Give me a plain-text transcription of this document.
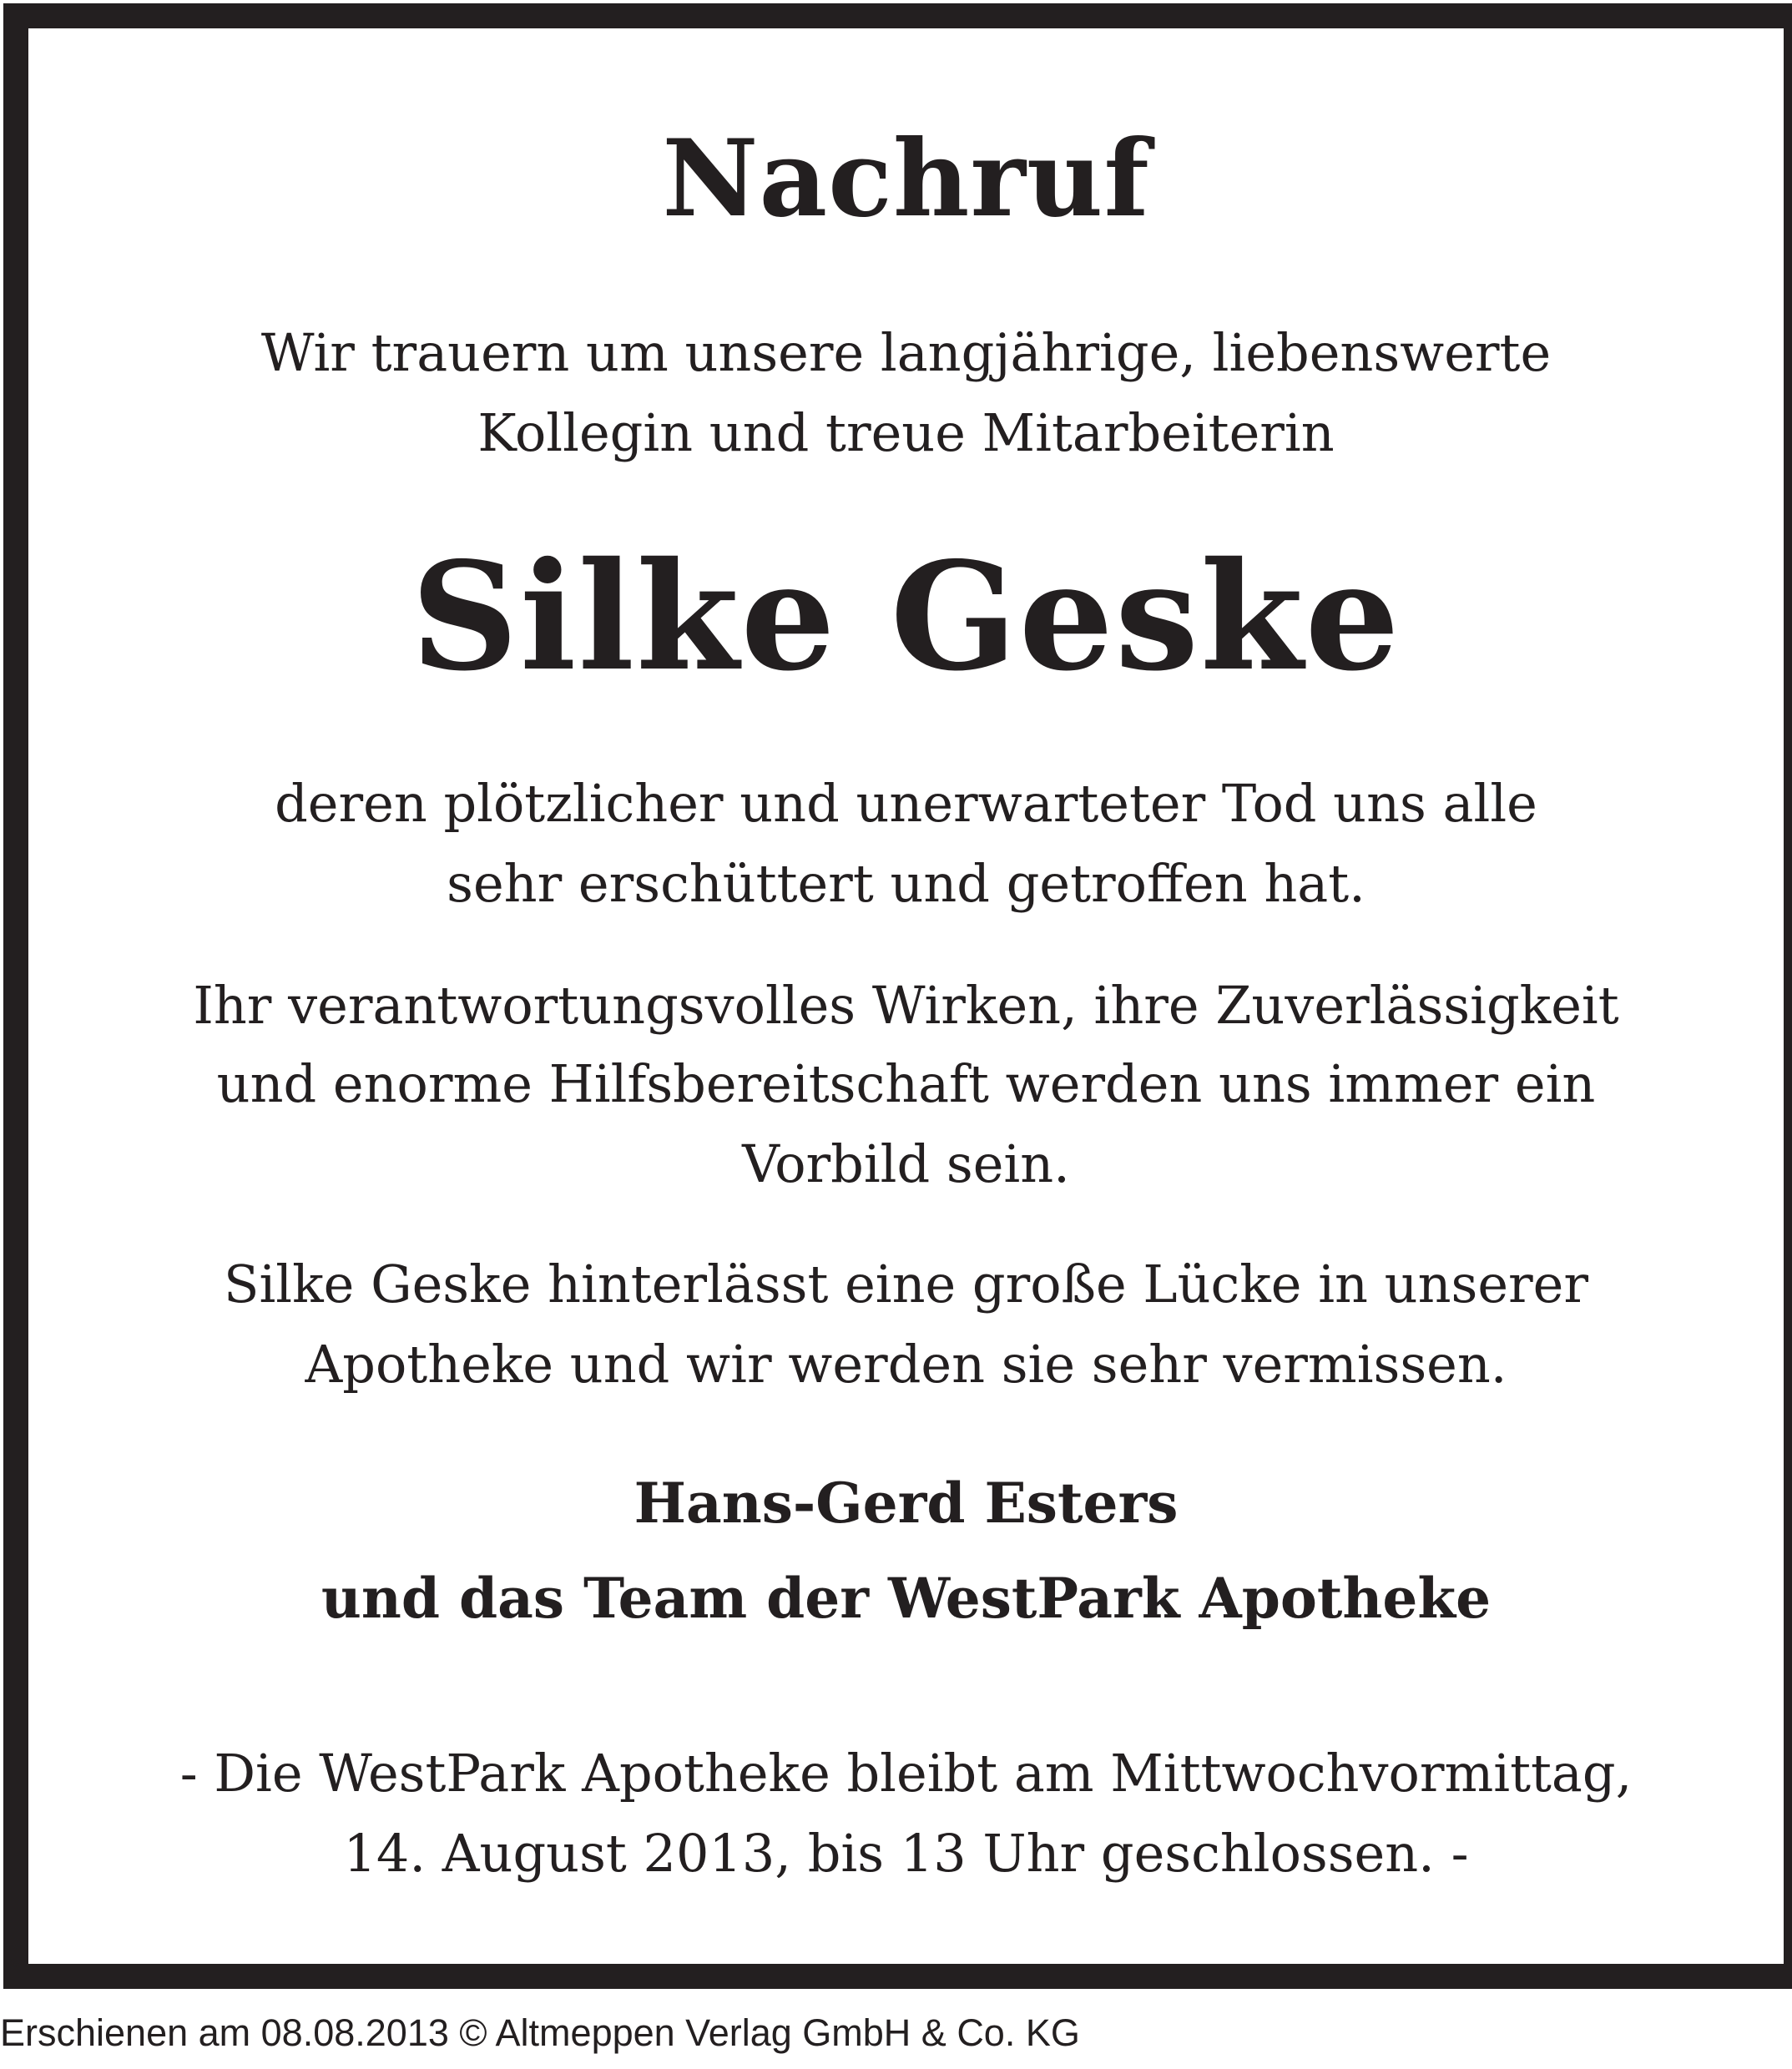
Nachruf
Wir trauern um unsere langjährige, liebenswerte
Kollegin und treue Mitarbeiterin
Silke Geske
deren plötzlicher und unerwarteter Tod uns alle
sehr erschüttert und getroffen hat.
Ihr verantwortungsvolles Wirken, ihre Zuverlässigkeit
und enorme Hilfsbereitschaft werden uns immer ein
Vorbild sein.
Silke Geske hinterlässt eine große Lücke in unserer
Apotheke und wir werden sie sehr vermissen.
Hans-Gerd Esters
und das Team der WestPark Apotheke
- Die WestPark Apotheke bleibt am Mittwochvormittag,
14. August 2013, bis 13 Uhr geschlossen. -
Erschienen am 08.08.2013 © Altmeppen Verlag GmbH & Co. KG
